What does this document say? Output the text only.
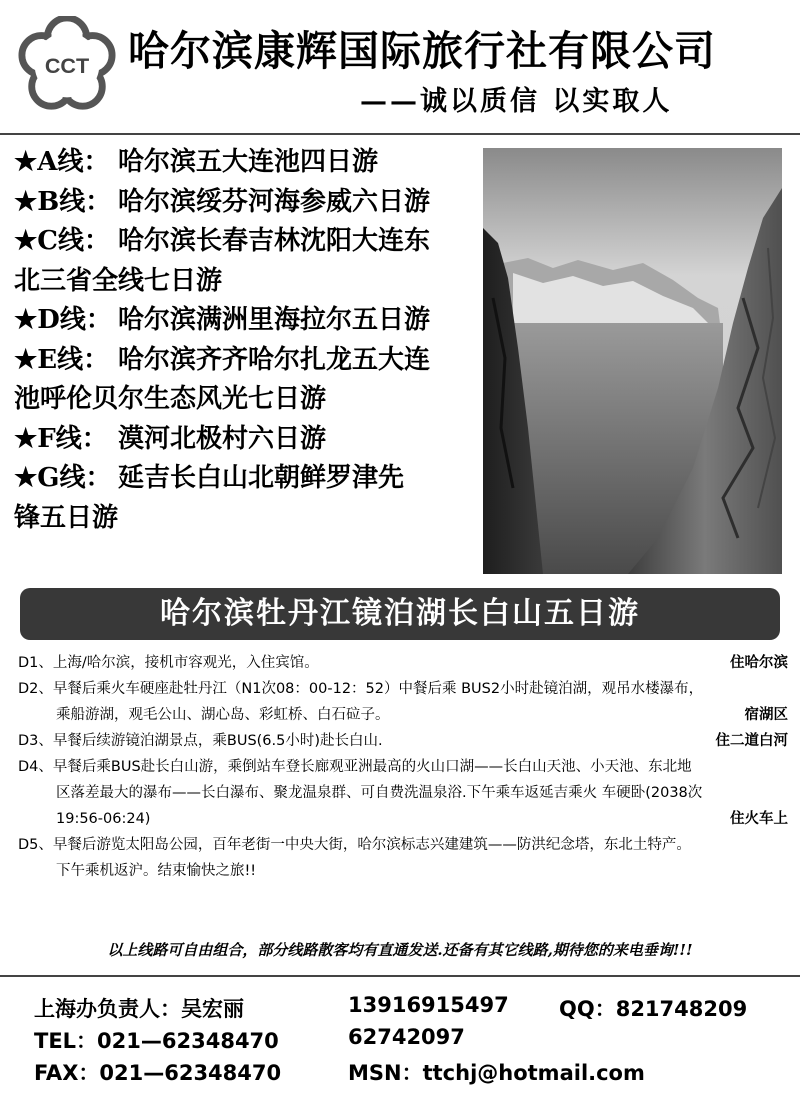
CCT 哈尔滨康辉国际旅行社有限公司
——诚以质信 以实取人
★A线： 哈尔滨五大连池四日游
★B线： 哈尔滨绥芬河海参威六日游
★C线： 哈尔滨长春吉林沈阳大连东
北三省全线七日游
★D线： 哈尔滨满洲里海拉尔五日游
★E线： 哈尔滨齐齐哈尔扎龙五大连
池呼伦贝尔生态风光七日游
★F线： 漠河北极村六日游
★G线： 延吉长白山北朝鲜罗津先
锋五日游
哈尔滨牡丹江镜泊湖长白山五日游
D1、上海/哈尔滨，接机市容观光，入住宾馆。	住哈尔滨
D2、早餐后乘火车硬座赴牡丹江（N1次08：00-12：52）中餐后乘 BUS2小时赴镜泊湖，观吊水楼瀑布，
乘船游湖，观毛公山、湖心岛、彩虹桥、白石砬子。	宿湖区
D3、早餐后续游镜泊湖景点，乘BUS(6.5小时)赴长白山.	住二道白河
D4、早餐后乘BUS赴长白山游，乘倒站车登长廊观亚洲最高的火山口湖——长白山天池、小天池、东北地
区落差最大的瀑布——长白瀑布、聚龙温泉群、可自费洗温泉浴.下午乘车返延吉乘火 车硬卧(2038次
19:56-06:24)	住火车上
D5、早餐后游览太阳岛公园，百年老街一中央大街，哈尔滨标志兴建建筑——防洪纪念塔，东北土特产。
下午乘机返沪。结束愉快之旅!!
以上线路可自由组合，部分线路散客均有直通发送.还备有其它线路,期待您的来电垂询!!!
上海办负责人：吴宏丽	13916915497 QQ：821748209
TEL：021—62348470	62742097
FAX：021—62348470	MSN：ttchj@hotmail.com
